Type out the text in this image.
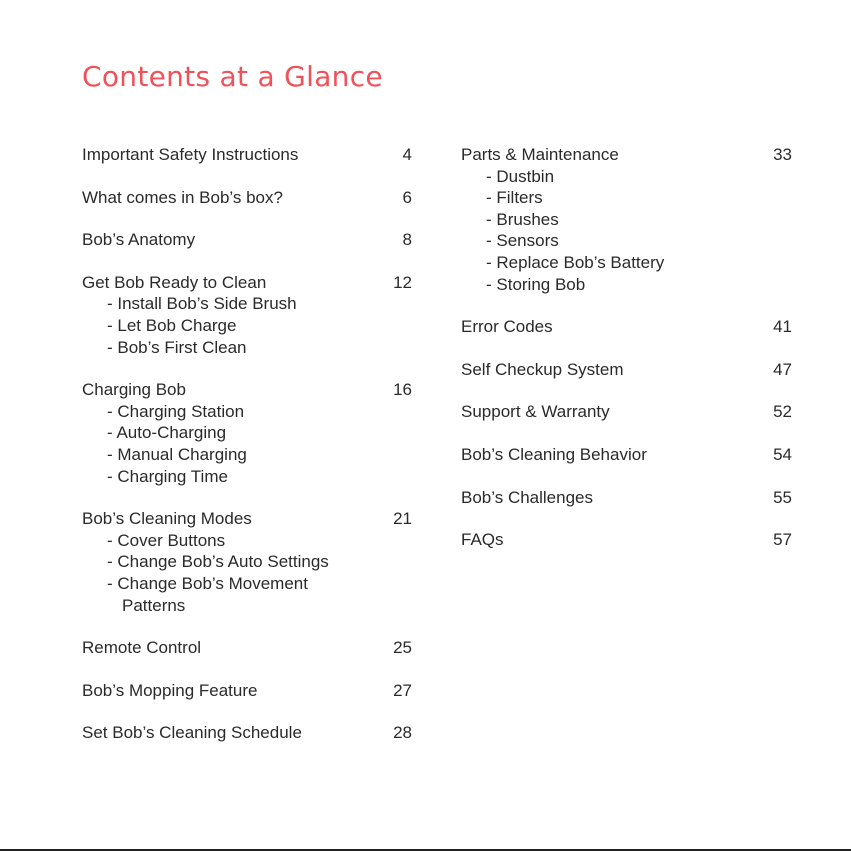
Contents at a Glance
Important Safety Instructions	4
What comes in Bob’s box?	6
Bob’s Anatomy	8
Get Bob Ready to Clean	12
- Install Bob’s Side Brush
- Let Bob Charge
- Bob’s First Clean
Charging Bob	16
- Charging Station
- Auto-Charging
- Manual Charging
- Charging Time
Bob’s Cleaning Modes	21
- Cover Buttons
- Change Bob’s Auto Settings
- Change Bob’s Movement
Patterns
Remote Control	25
Bob’s Mopping Feature	27
Set Bob’s Cleaning Schedule	28
Parts & Maintenance	33
- Dustbin
- Filters
- Brushes
- Sensors
- Replace Bob’s Battery
- Storing Bob
Error Codes	41
Self Checkup System	47
Support & Warranty	52
Bob’s Cleaning Behavior	54
Bob’s Challenges	55
FAQs	57
